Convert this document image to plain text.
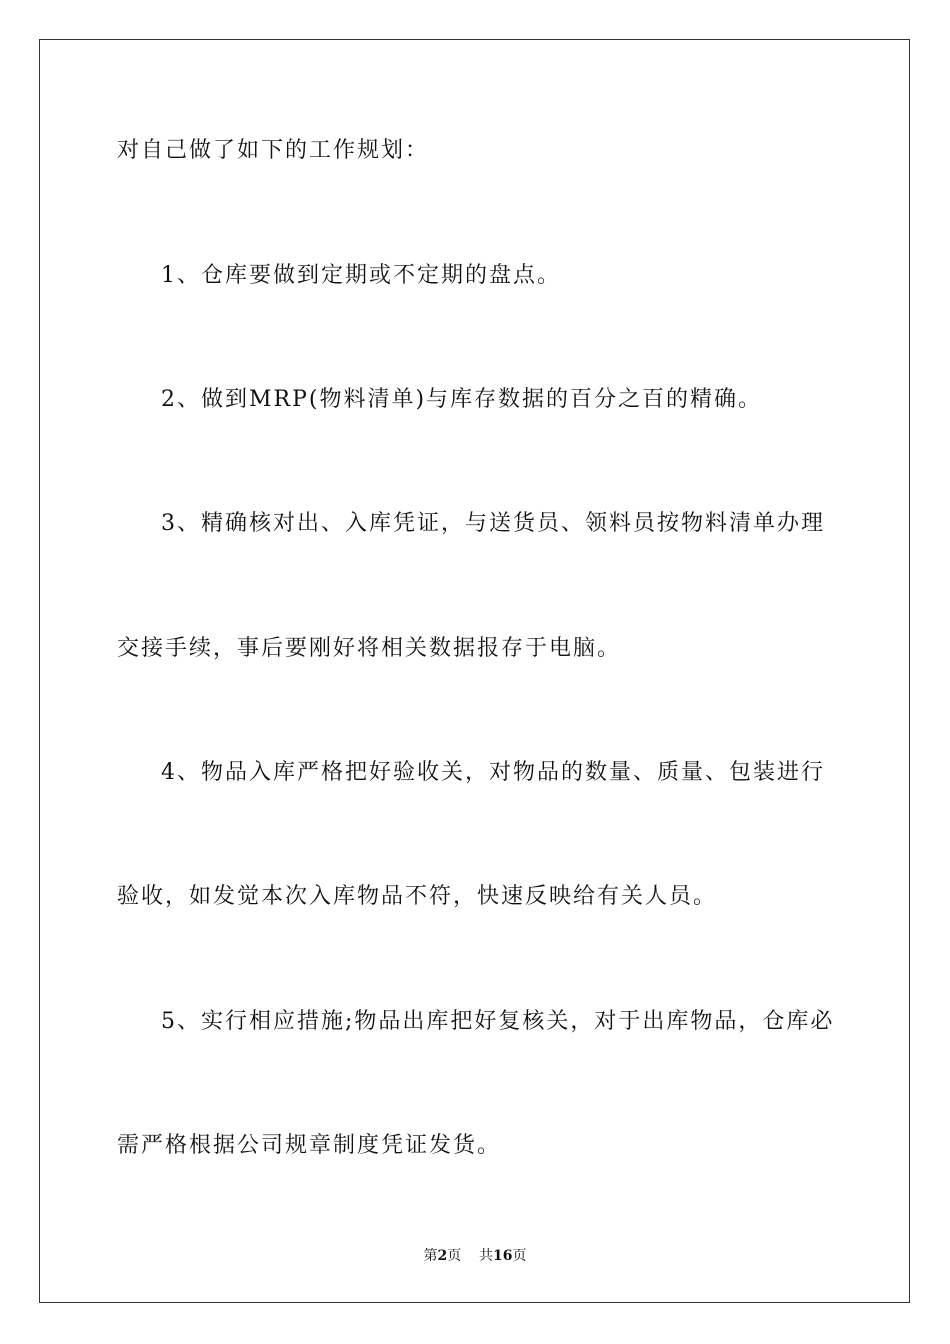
对自己做了如下的工作规划：
1、仓库要做到定期或不定期的盘点。
2、做到MRP(物料清单)与库存数据的百分之百的精确。
3、精确核对出、入库凭证，与送货员、领料员按物料清单办理
交接手续，事后要刚好将相关数据报存于电脑。
4、物品入库严格把好验收关，对物品的数量、质量、包装进行
验收，如发觉本次入库物品不符，快速反映给有关人员。
5、实行相应措施;物品出库把好复核关，对于出库物品，仓库必
需严格根据公司规章制度凭证发货。
第2页 共16页
